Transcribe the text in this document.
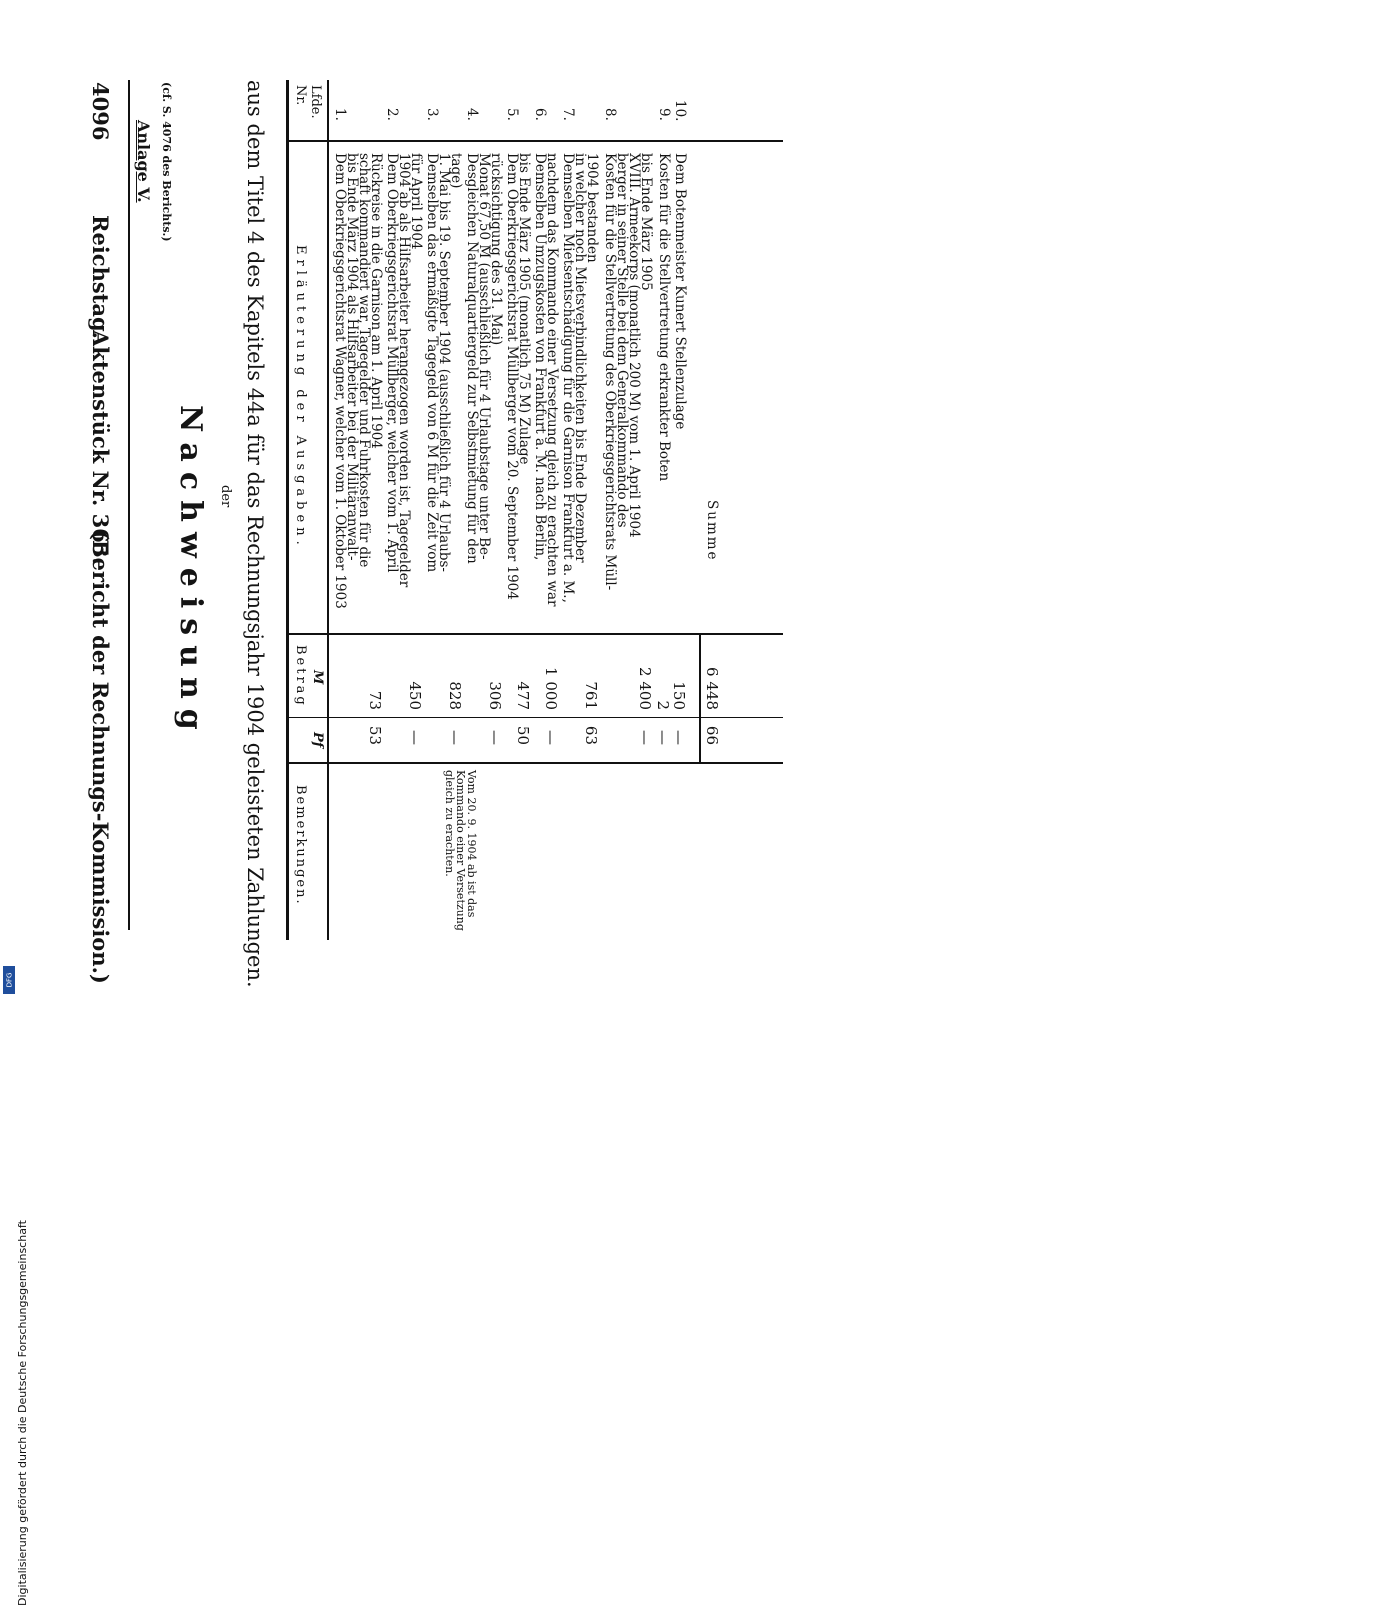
4096
Reichstag.
Aktenstück Nr. 365.
(Bericht der Rechnungs-Kommission.)
Anlage V. (cf. S. 4076 des Berichts.)
Nachweisung der aus dem Titel 4 des Kapitels 44a für das Rechnungsjahr 1904 geleisteten Zahlungen.	Lfde. Nr.
Erläuterung der Ausgaben.
Betrag M
Pf
Bemerkungen.
1.
Dem Oberkriegsgerichtsrat Wagner, welcher vom 1. Oktober 1903
bis Ende März 1904 als Hilfsarbeiter bei der Militäranwalt-
schaft kommandiert war, Tagegelder und Fuhrkosten für die
Rückreise in die Garnison am 1. April 1904
73
53
2.
Dem Oberkriegsgerichtsrat Müllberger, welcher vom 1. April
1904 ab als Hilfsarbeiter herangezogen worden ist, Tagegelder
für April 1904
450
—
3.
Demselben das ermäßigte Tagegeld von 6 M für die Zeit vom
1. Mai bis 19. September 1904 (ausschließlich für 4 Urlaubs-
tage)
828
—
Vom 20. 9. 1904 ab ist das Kommando einer Versetzung gleich zu erachten.
4.
Desgleichen Naturalquartiergeld zur Selbstmietung für den
Monat 67,50 M (ausschließlich für 4 Urlaubstage unter Be-
rücksichtigung des 31. Mai)
306
—
5.
Dem Oberkriegsgerichtsrat Müllberger vom 20. September 1904
bis Ende März 1905 (monatlich 75 M) Zulage
477
50
6.
Demselben Umzugskosten von Frankfurt a. M. nach Berlin,
nachdem das Kommando einer Versetzung gleich zu erachten war
1 000
—
7.
Demselben Mietsentschädigung für die Garnison Frankfurt a. M.,
in welcher noch Mietsverbindlichkeiten bis Ende Dezember
1904 bestanden
761
63
8.
Kosten für die Stellvertretung des Oberkriegsgerichtsrats Müll-
berger in seiner Stelle bei dem Generalkommando des
XVIII. Armeekorps (monatlich 200 M) vom 1. April 1904
bis Ende März 1905
2 400
—
9.
Kosten für die Stellvertretung erkrankter Boten
2
—
10.
Dem Botenmeister Kunert Stellenzulage
150
—
Summe
6 448
66
Digitalisierung gefördert durch die Deutsche Forschungsgemeinschaft
DFG
